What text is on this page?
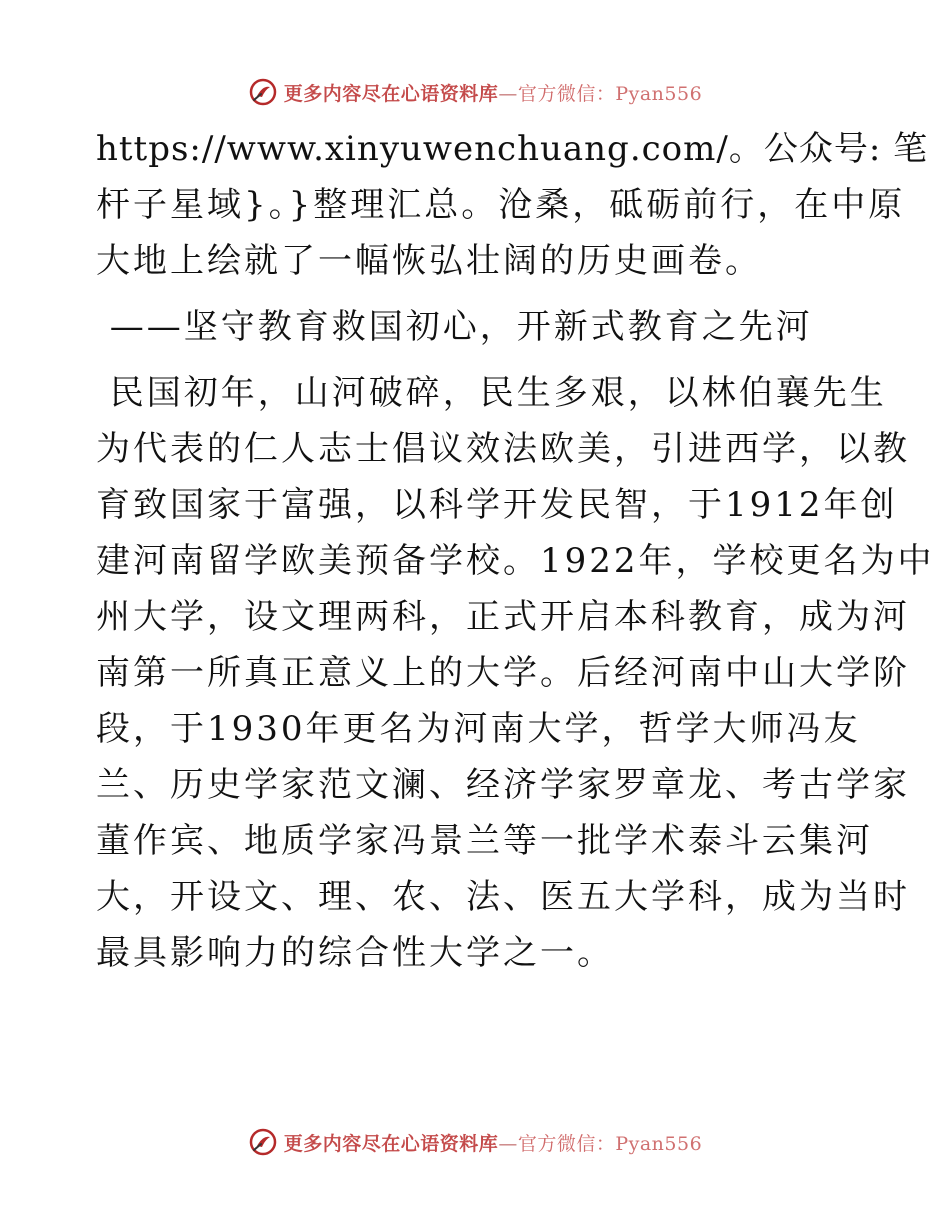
更多内容尽在心语资料库—官方微信：Pyan556
https://www.xinyuwenchuang.com/。公众号: 笔
杆子星域}。}整理汇总。沧桑，砥砺前行，在中原
大地上绘就了一幅恢弘壮阔的历史画卷。
——坚守教育救国初心，开新式教育之先河
民国初年，山河破碎，民生多艰，以林伯襄先生
为代表的仁人志士倡议效法欧美，引进西学，以教
育致国家于富强，以科学开发民智，于1912年创
建河南留学欧美预备学校。1922年，学校更名为中
州大学，设文理两科，正式开启本科教育，成为河
南第一所真正意义上的大学。后经河南中山大学阶
段，于1930年更名为河南大学，哲学大师冯友
兰、历史学家范文澜、经济学家罗章龙、考古学家
董作宾、地质学家冯景兰等一批学术泰斗云集河
大，开设文、理、农、法、医五大学科，成为当时
最具影响力的综合性大学之一。
更多内容尽在心语资料库—官方微信：Pyan556
